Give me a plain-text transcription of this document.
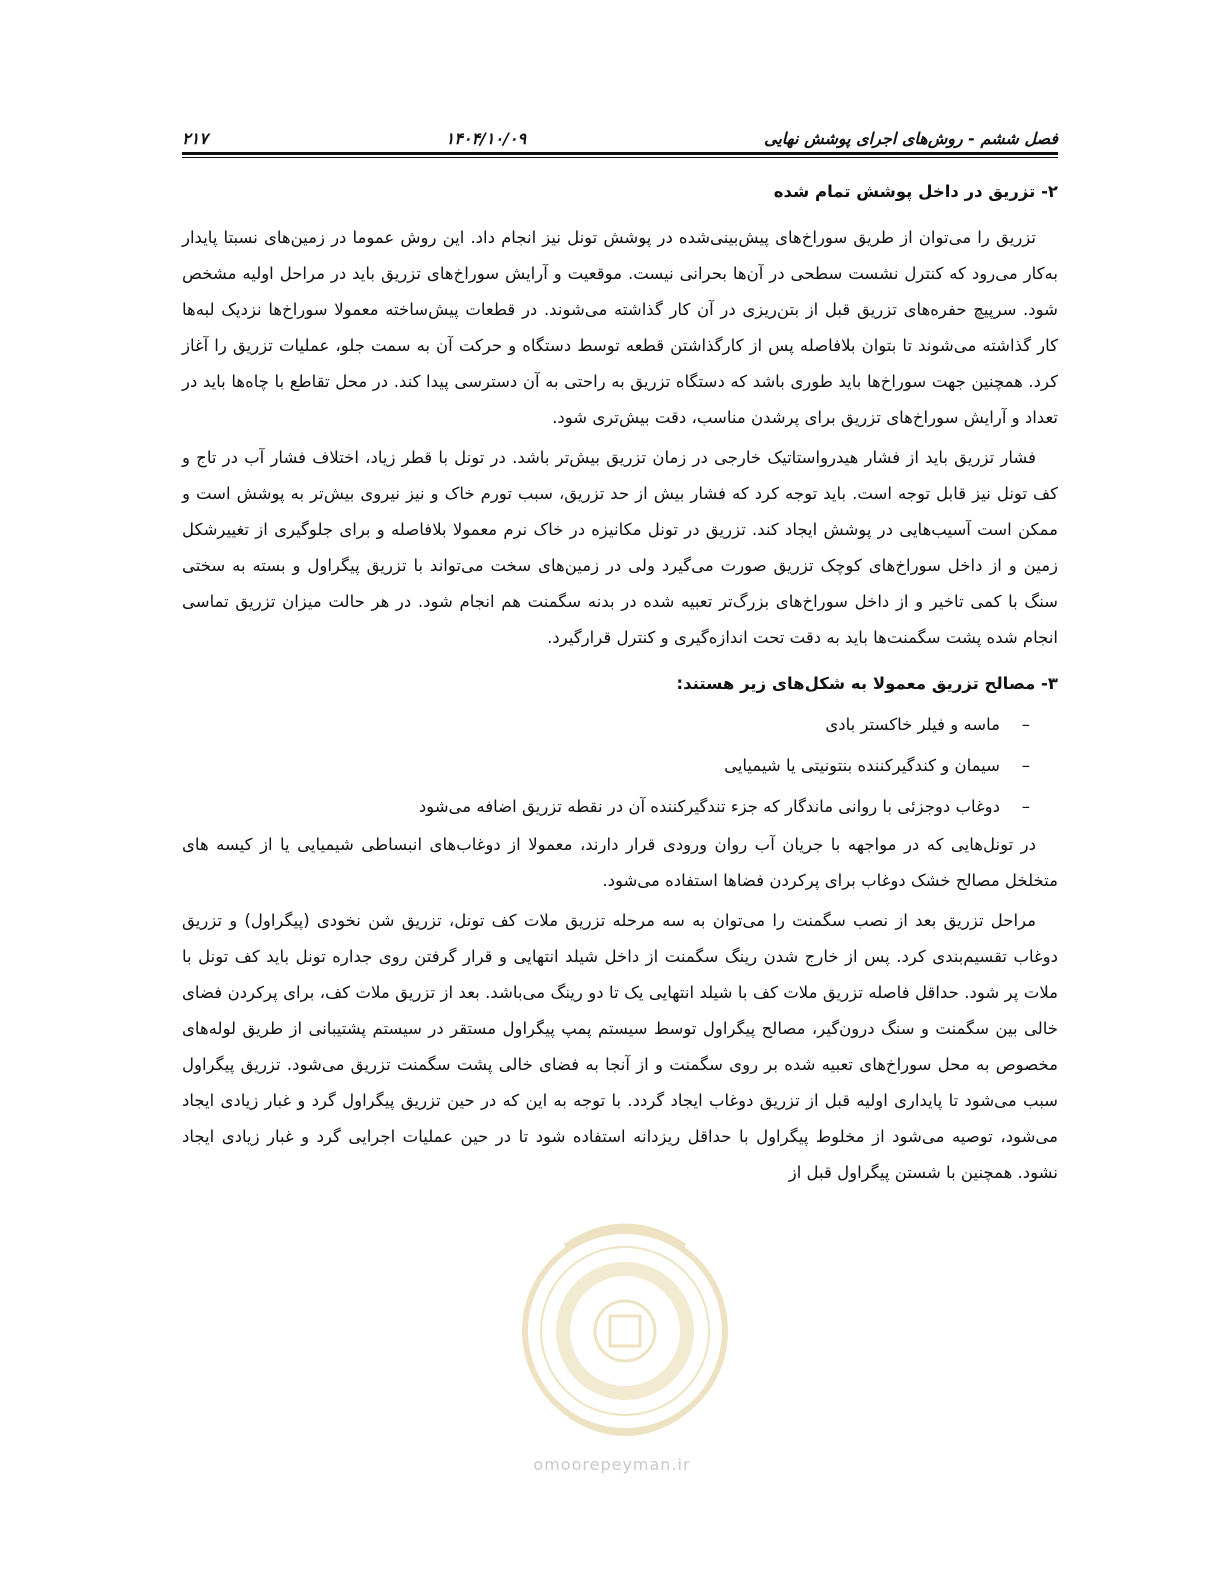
فصل ششم - روش‌های اجرای پوشش نهایی
۱۴۰۴/۱۰/۰۹
۲۱۷
۲- تزریق در داخل پوشش تمام شده

تزریق را می‌توان از طریق سوراخ‌های پیش‌بینی‌شده در پوشش تونل نیز انجام داد. این روش عموما در زمین‌های نسبتا پایدار به‌کار می‌رود که کنترل نشست سطحی در آن‌ها بحرانی نیست. موقعیت و آرایش سوراخ‌های تزریق باید در مراحل اولیه مشخص شود. سرپیچ حفره‌های تزریق قبل از بتن‌ریزی در آن کار گذاشته می‌شوند. در قطعات پیش‌ساخته معمولا سوراخ‌ها نزدیک لبه‌ها کار گذاشته می‌شوند تا بتوان بلافاصله پس از کارگذاشتن قطعه توسط دستگاه و حرکت آن به سمت جلو، عملیات تزریق را آغاز کرد. همچنین جهت سوراخ‌ها باید طوری باشد که دستگاه تزریق به راحتی به آن دسترسی پیدا کند. در محل تقاطع با چاه‌ها باید در تعداد و آرایش سوراخ‌های تزریق برای پرشدن مناسب، دقت بیش‌تری شود.

فشار تزریق باید از فشار هیدرواستاتیک خارجی در زمان تزریق بیش‌تر باشد. در تونل با قطر زیاد، اختلاف فشار آب در تاج و کف تونل نیز قابل توجه است. باید توجه کرد که فشار بیش از حد تزریق، سبب تورم خاک و نیز نیروی بیش‌تر به پوشش است و ممکن است آسیب‌هایی در پوشش ایجاد کند. تزریق در تونل مکانیزه در خاک نرم معمولا بلافاصله و برای جلوگیری از تغییرشکل زمین و از داخل سوراخ‌های کوچک تزریق صورت می‌گیرد ولی در زمین‌های سخت می‌تواند با تزریق پیگراول و بسته به سختی سنگ با کمی تاخیر و از داخل سوراخ‌های بزرگ‌تر تعبیه شده در بدنه سگمنت هم انجام شود. در هر حالت میزان تزریق تماسی انجام شده پشت سگمنت‌ها باید به دقت تحت اندازه‌گیری و کنترل قرارگیرد.

۳- مصالح تزریق معمولا به شکل‌های زیر هستند:
–ماسه و فیلر خاکستر بادی
–سیمان و کندگیرکننده بنتونیتی یا شیمیایی
–دوغاب دوجزئی با روانی ماندگار که جزء تندگیرکننده آن در نقطه تزریق اضافه می‌شود

در تونل‌هایی که در مواجهه با جریان آب روان ورودی قرار دارند، معمولا از دوغاب‌های انبساطی شیمیایی یا از کیسه های متخلخل مصالح خشک دوغاب برای پرکردن فضاها استفاده می‌شود.

مراحل تزریق بعد از نصب سگمنت را می‌توان به سه مرحله تزریق ملات کف تونل، تزریق شن نخودی (پیگراول) و تزریق دوغاب تقسیم‌بندی کرد. پس از خارج شدن رینگ سگمنت از داخل شیلد انتهایی و قرار گرفتن روی جداره تونل باید کف تونل با ملات پر شود. حداقل فاصله تزریق ملات کف با شیلد انتهایی یک تا دو رینگ می‌باشد. بعد از تزریق ملات کف، برای پرکردن فضای خالی بین سگمنت و سنگ درون‌گیر، مصالح پیگراول توسط سیستم پمپ پیگراول مستقر در سیستم پشتیبانی از طریق لوله‌های مخصوص به محل سوراخ‌های تعبیه شده بر روی سگمنت و از آنجا به فضای خالی پشت سگمنت تزریق می‌شود. تزریق پیگراول سبب می‌شود تا پایداری اولیه قبل از تزریق دوغاب ایجاد گردد. با توجه به این که در حین تزریق پیگراول گرد و غبار زیادی ایجاد می‌شود، توصیه می‌شود از مخلوط پیگراول با حداقل ریزدانه استفاده شود تا در حین عملیات اجرایی گرد و غبار زیادی ایجاد نشود. همچنین با شستن پیگراول قبل از

omoorepeyman.ir
